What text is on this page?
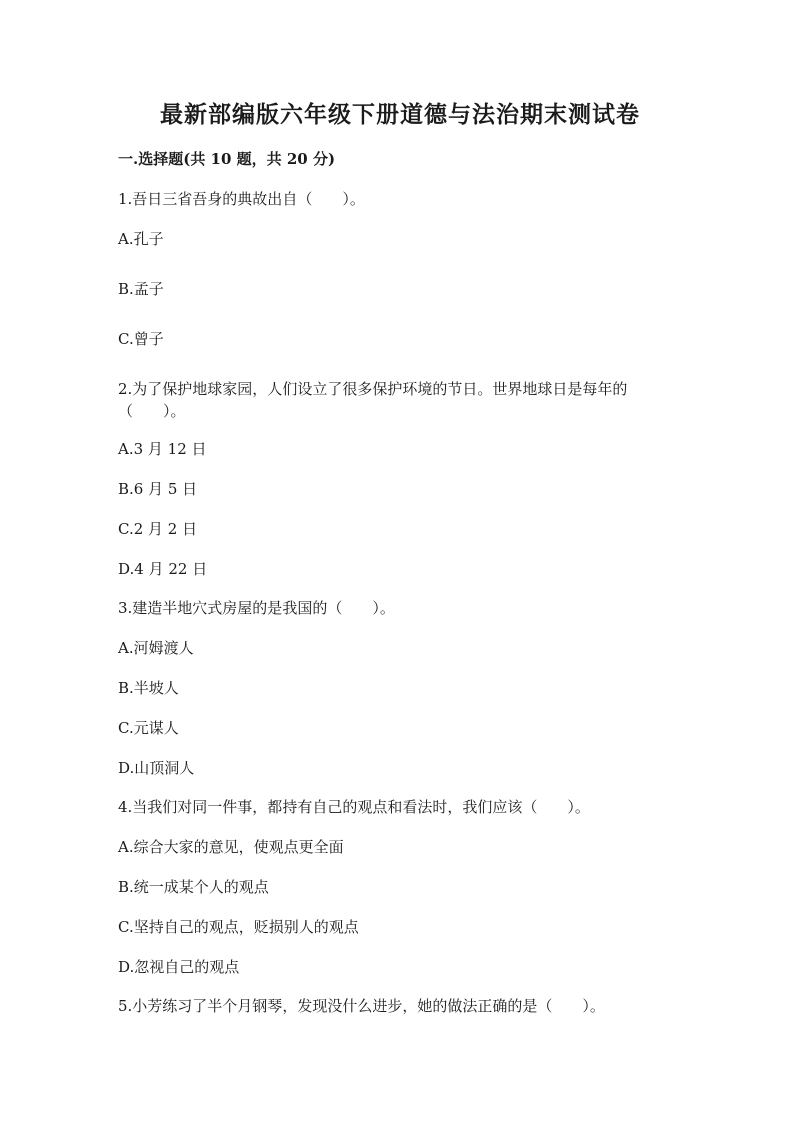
最新部编版六年级下册道德与法治期末测试卷
一.选择题(共 10 题，共 20 分)
1.吾日三省吾身的典故出自（　　）。
A.孔子
B.孟子
C.曾子
2.为了保护地球家园，人们设立了很多保护环境的节日。世界地球日是每年的
（　　）。
A.3 月 12 日
B.6 月 5 日
C.2 月 2 日
D.4 月 22 日
3.建造半地穴式房屋的是我国的（　　）。
A.河姆渡人
B.半坡人
C.元谋人
D.山顶洞人
4.当我们对同一件事，都持有自己的观点和看法时，我们应该（　　）。
A.综合大家的意见，使观点更全面
B.统一成某个人的观点
C.坚持自己的观点，贬损别人的观点
D.忽视自己的观点
5.小芳练习了半个月钢琴，发现没什么进步，她的做法正确的是（　　）。
